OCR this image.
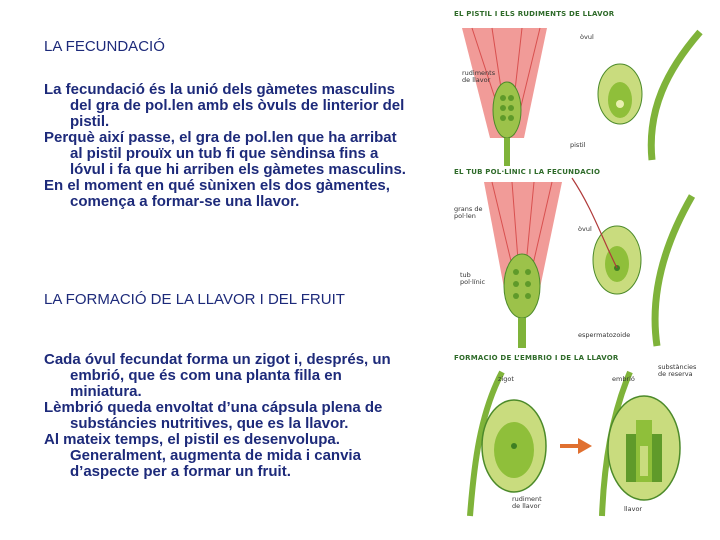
LA FECUNDACIÓ

La fecundació és la unió dels gàmetes masculins del gra de pol.len amb els òvuls de linterior del pistil.

Perquè així passe, el gra de pol.len que ha arribat al pistil prouïx un tub fi que sèndinsa fins a lóvul i fa que hi arriben els gàmetes masculins.

En el moment en qué sùnixen els dos gàmentes, comença a formar-se una llavor.

LA FORMACIÓ DE LA LLAVOR I DEL FRUIT

Cada óvul fecundat forma un zigot i, després, un embrió, que és com una planta filla en miniatura.

Lèmbrió queda envoltat d’una cápsula plena de substáncies nutritives, que es la llavor.

Al mateix temps, el pistil es desenvolupa. Generalment, augmenta de mida i canvia d’aspecte per a formar un fruit.

EL PISTIL I ELS RUDIMENTS DE LLAVOR
òvul
rudiments de llavor
pistil
EL TUB POL·LÍNIC I LA FECUNDACIÓ
grans de pol·len
òvul
tub pol·línic
espermatozoide
FORMACIÓ DE L’EMBRIÓ I DE LA LLAVOR
zigot	embrió
substàncies de reserva
rudiment de llavor	llavor
